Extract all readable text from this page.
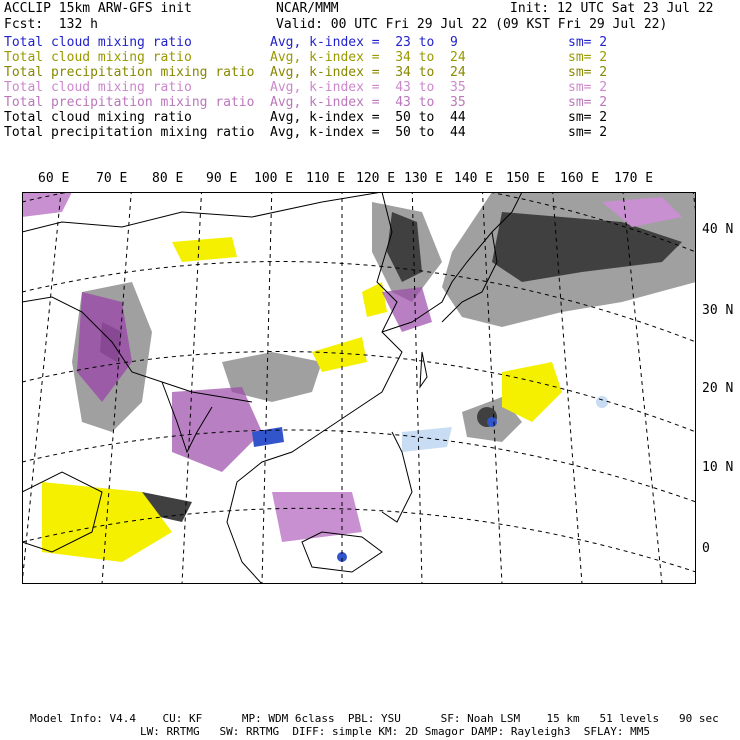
ACCLIP 15km ARW-GFS init	NCAR/MMM	Init: 12 UTC Sat 23 Jul 22
Fcst:  132 h	Valid: 00 UTC Fri 29 Jul 22 (09 KST Fri 29 Jul 22)
Total cloud mixing ratio	Avg, k-index =  23 to  9	sm= 2
Total cloud mixing ratio	Avg, k-index =  34 to  24	sm= 2
Total precipitation mixing ratio Avg, k-index =  34 to  24	sm= 2
Total cloud mixing ratio	Avg, k-index =  43 to  35	sm= 2
Total precipitation mixing ratio Avg, k-index =  43 to  35	sm= 2
Total cloud mixing ratio	Avg, k-index =  50 to  44	sm= 2
Total precipitation mixing ratio Avg, k-index =  50 to  44	sm= 2
60 E 70 E 80 E 90 E 100 E 110 E 120 E 130 E 140 E 150 E 160 E 170 E
40 N
30 N
20 N
10 N
0
Model Info: V4.4    CU: KF      MP: WDM 6class  PBL: YSU      SF: Noah LSM    15 km   51 levels   90 sec
LW: RRTMG   SW: RRTMG  DIFF: simple KM: 2D Smagor DAMP: Rayleigh3  SFLAY: MM5
